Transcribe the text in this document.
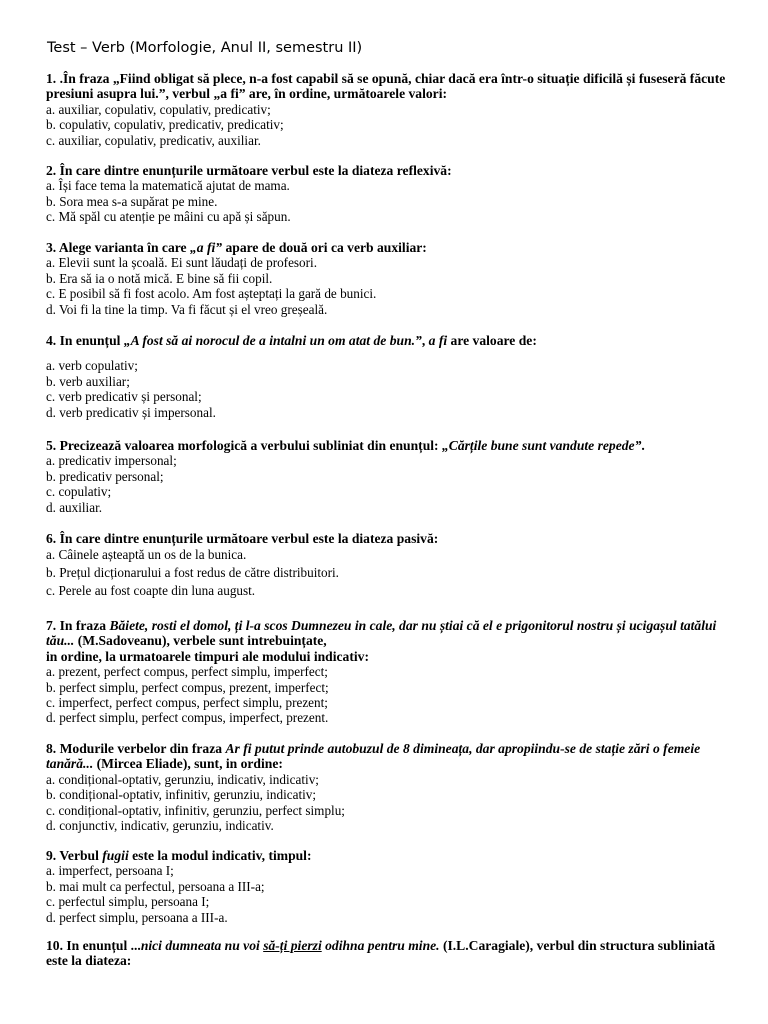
Test – Verb (Morfologie, Anul II, semestru II)
1. .În fraza „Fiind obligat să plece, n-a fost capabil să se opună, chiar dacă era într-o situație dificilă și fuseseră făcute presiuni asupra lui.”, verbul „a fi” are, în ordine, următoarele valori:
a. auxiliar, copulativ, copulativ, predicativ;
b. copulativ, copulativ, predicativ, predicativ;
c. auxiliar, copulativ, predicativ, auxiliar.
2. În care dintre enunțurile următoare verbul este la diateza reflexivă:
a. Își face tema la matematică ajutat de mama.
b. Sora mea s-a supărat pe mine.
c. Mă spăl cu atenție pe mâini cu apă și săpun.
3. Alege varianta în care „a fi” apare de două ori ca verb auxiliar:
a. Elevii sunt la școală. Ei sunt lăudați de profesori.
b. Era să ia o notă mică. E bine să fii copil.
c. E posibil să fi fost acolo. Am fost așteptați la gară de bunici.
d. Voi fi la tine la timp. Va fi făcut și el vreo greșeală.
4. In enunțul „A fost să ai norocul de a intalni un om atat de bun.”, a fi are valoare de:
a. verb copulativ;
b. verb auxiliar;
c. verb predicativ și personal;
d. verb predicativ și impersonal.
5. Precizează valoarea morfologică a verbului subliniat din enunțul: „Cărțile bune sunt vandute repede”.
a. predicativ impersonal;
b. predicativ personal;
c. copulativ;
d. auxiliar.
6. În care dintre enunțurile următoare verbul este la diateza pasivă:
a. Câinele așteaptă un os de la bunica.
b. Prețul dicționarului a fost redus de către distribuitori.
c. Perele au fost coapte din luna august.
7. In fraza Băiete, rosti el domol, ți l-a scos Dumnezeu in cale, dar nu știai că el e prigonitorul nostru și ucigașul tatălui tău... (M.Sadoveanu), verbele sunt intrebuințate,
in ordine, la urmatoarele timpuri ale modului indicativ:
a. prezent, perfect compus, perfect simplu, imperfect;
b. perfect simplu, perfect compus, prezent, imperfect;
c. imperfect, perfect compus, perfect simplu, prezent;
d. perfect simplu, perfect compus, imperfect, prezent.
8. Modurile verbelor din fraza Ar fi putut prinde autobuzul de 8 dimineața, dar apropiindu-se de stație zări o femeie tanără... (Mircea Eliade), sunt, in ordine:
a. condițional-optativ, gerunziu, indicativ, indicativ;
b. condițional-optativ, infinitiv, gerunziu, indicativ;
c. condițional-optativ, infinitiv, gerunziu, perfect simplu;
d. conjunctiv, indicativ, gerunziu, indicativ.
9. Verbul fugii este la modul indicativ, timpul:
a. imperfect, persoana I;
b. mai mult ca perfectul, persoana a III-a;
c. perfectul simplu, persoana I;
d. perfect simplu, persoana a III-a.
10. In enunțul ...nici dumneata nu voi să-ți pierzi odihna pentru mine. (I.L.Caragiale), verbul din structura subliniată este la diateza:
